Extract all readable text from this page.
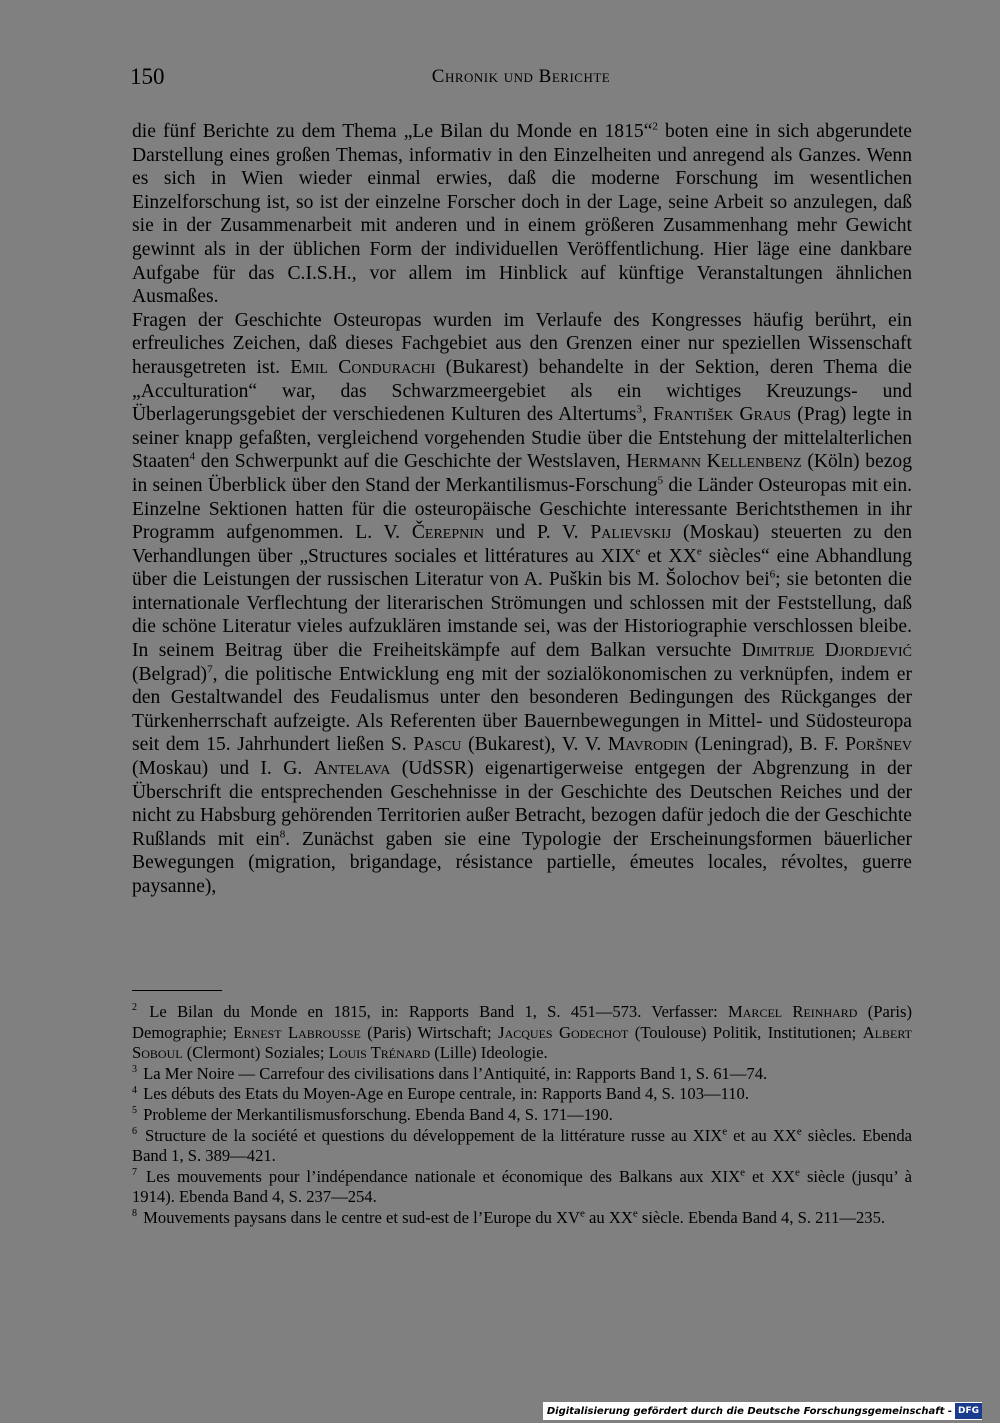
150	Chronik und Berichte

die fünf Berichte zu dem Thema „Le Bilan du Monde en 1815“$^2$ boten eine in sich abgerundete Darstellung eines großen Themas, informativ in den Einzelheiten und anregend als Ganzes. Wenn es sich in Wien wieder einmal erwies, daß die moderne Forschung im wesentlichen Einzelforschung ist, so ist der einzelne Forscher doch in der Lage, seine Arbeit so anzulegen, daß sie in der Zusammenarbeit mit anderen und in einem größeren Zusammenhang mehr Gewicht gewinnt als in der üblichen Form der individuellen Veröffentlichung. Hier läge eine dankbare Aufgabe für das C.I.S.H., vor allem im Hinblick auf künftige Veranstaltungen ähnlichen Ausmaßes.

Fragen der Geschichte Osteuropas wurden im Verlaufe des Kongresses häufig berührt, ein erfreuliches Zeichen, daß dieses Fachgebiet aus den Grenzen einer nur speziellen Wissenschaft herausgetreten ist. Emil Condurachi (Bukarest) behandelte in der Sektion, deren Thema die „Acculturation“ war, das Schwarzmeergebiet als ein wichtiges Kreuzungs- und Überlagerungsgebiet der verschiedenen Kulturen des Altertums$^3$, František Graus (Prag) legte in seiner knapp gefaßten, vergleichend vorgehenden Studie über die Entstehung der mittelalterlichen Staaten$^4$ den Schwerpunkt auf die Geschichte der Westslaven, Hermann Kellenbenz (Köln) bezog in seinen Überblick über den Stand der Merkantilismus-Forschung$^5$ die Länder Osteuropas mit ein. Einzelne Sektionen hatten für die osteuropäische Geschichte interessante Berichtsthemen in ihr Programm aufgenommen. L. V. Čerepnin und P. V. Palievskij (Moskau) steuerten zu den Verhandlungen über „Structures sociales et littératures au XIXe et XXe siècles“ eine Abhandlung über die Leistungen der russischen Literatur von A. Puškin bis M. Šolochov bei$^6$; sie betonten die internationale Verflechtung der literarischen Strömungen und schlossen mit der Feststellung, daß die schöne Literatur vieles aufzuklären imstande sei, was der Historiographie verschlossen bleibe. In seinem Beitrag über die Freiheitskämpfe auf dem Balkan versuchte Dimitrije Djordjević (Belgrad)$^7$, die politische Entwicklung eng mit der sozialökonomischen zu verknüpfen, indem er den Gestaltwandel des Feudalismus unter den besonderen Bedingungen des Rückganges der Türkenherrschaft aufzeigte. Als Referenten über Bauernbewegungen in Mittel- und Südosteuropa seit dem 15. Jahrhundert ließen S. Pascu (Bukarest), V. V. Mavrodin (Leningrad), B. F. Poršnev (Moskau) und I. G. Antelava (UdSSR) eigenartigerweise entgegen der Abgrenzung in der Überschrift die entsprechenden Geschehnisse in der Geschichte des Deutschen Reiches und der nicht zu Habsburg gehörenden Territorien außer Betracht, bezogen dafür jedoch die der Geschichte Rußlands mit ein$^8$. Zunächst gaben sie eine Typologie der Erscheinungsformen bäuerlicher Bewegungen (migration, brigandage, résistance partielle, émeutes locales, révoltes, guerre paysanne),

$^2$ Le Bilan du Monde en 1815, in: Rapports Band 1, S. 451—573. Verfasser: Marcel Reinhard (Paris) Demographie; Ernest Labrousse (Paris) Wirtschaft; Jacques Godechot (Toulouse) Politik, Institutionen; Albert Soboul (Clermont) Soziales; Louis Trénard (Lille) Ideologie.

$^3$ La Mer Noire — Carrefour des civilisations dans l’Antiquité, in: Rapports Band 1, S. 61—74.

$^4$ Les débuts des Etats du Moyen-Age en Europe centrale, in: Rapports Band 4, S. 103—110.

$^5$ Probleme der Merkantilismusforschung. Ebenda Band 4, S. 171—190.

$^6$ Structure de la société et questions du développement de la littérature russe au XIXe et au XXe siècles. Ebenda Band 1, S. 389—421.

$^7$ Les mouvements pour l’indépendance nationale et économique des Balkans aux XIXe et XXe siècle (jusqu’ à 1914). Ebenda Band 4, S. 237—254.

$^8$ Mouvements paysans dans le centre et sud-est de l’Europe du XVe au XXe siècle. Ebenda Band 4, S. 211—235.

Digitalisierung gefördert durch die Deutsche Forschungsgemeinschaft - DFG
